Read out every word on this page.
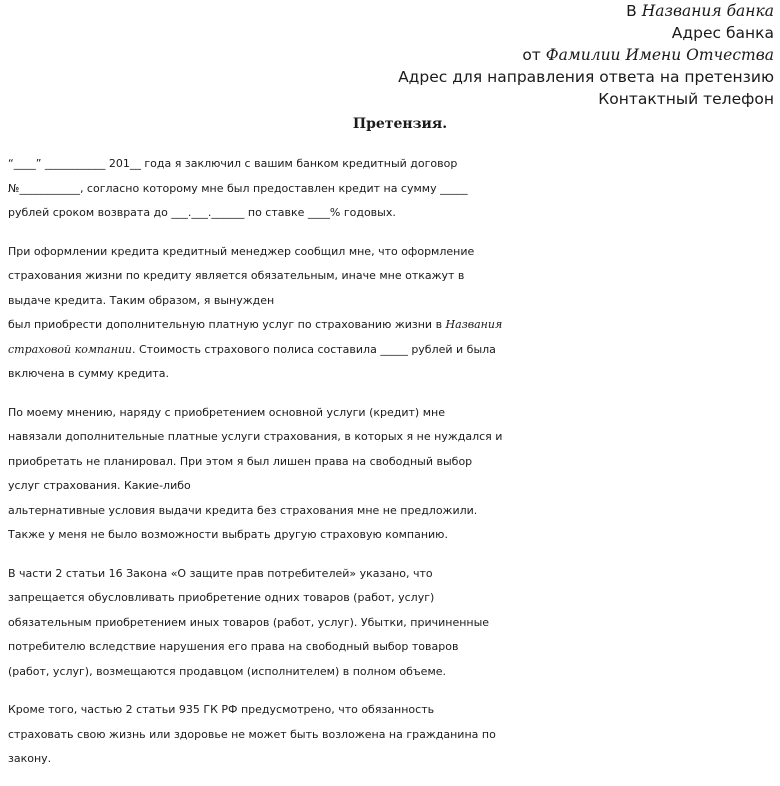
В Названия банка
Адрес банка
от Фамилии Имени Отчества
Адрес для направления ответа на претензию
Контактный телефон
Претензия.
“____” ___________ 201__ года я заключил с вашим банком кредитный договор
№___________, согласно которому мне был предоставлен кредит на сумму _____
рублей сроком возврата до ___.___.______ по ставке ____% годовых.
При оформлении кредита кредитный менеджер сообщил мне, что оформление
страхования жизни по кредиту является обязательным, иначе мне откажут в
выдаче кредита. Таким образом, я вынужден
был приобрести дополнительную платную услуг по страхованию жизни в Названия
страховой компании. Стоимость страхового полиса составила _____ рублей и была
включена в сумму кредита.
По моему мнению, наряду с приобретением основной услуги (кредит) мне
навязали дополнительные платные услуги страхования, в которых я не нуждался и
приобретать не планировал. При этом я был лишен права на свободный выбор
услуг страхования. Какие-либо
альтернативные условия выдачи кредита без страхования мне не предложили.
Также у меня не было возможности выбрать другую страховую компанию.
В части 2 статьи 16 Закона «О защите прав потребителей» указано, что
запрещается обусловливать приобретение одних товаров (работ, услуг)
обязательным приобретением иных товаров (работ, услуг). Убытки, причиненные
потребителю вследствие нарушения его права на свободный выбор товаров
(работ, услуг), возмещаются продавцом (исполнителем) в полном объеме.
Кроме того, частью 2 статьи 935 ГК РФ предусмотрено, что обязанность
страховать свою жизнь или здоровье не может быть возложена на гражданина по
закону.
